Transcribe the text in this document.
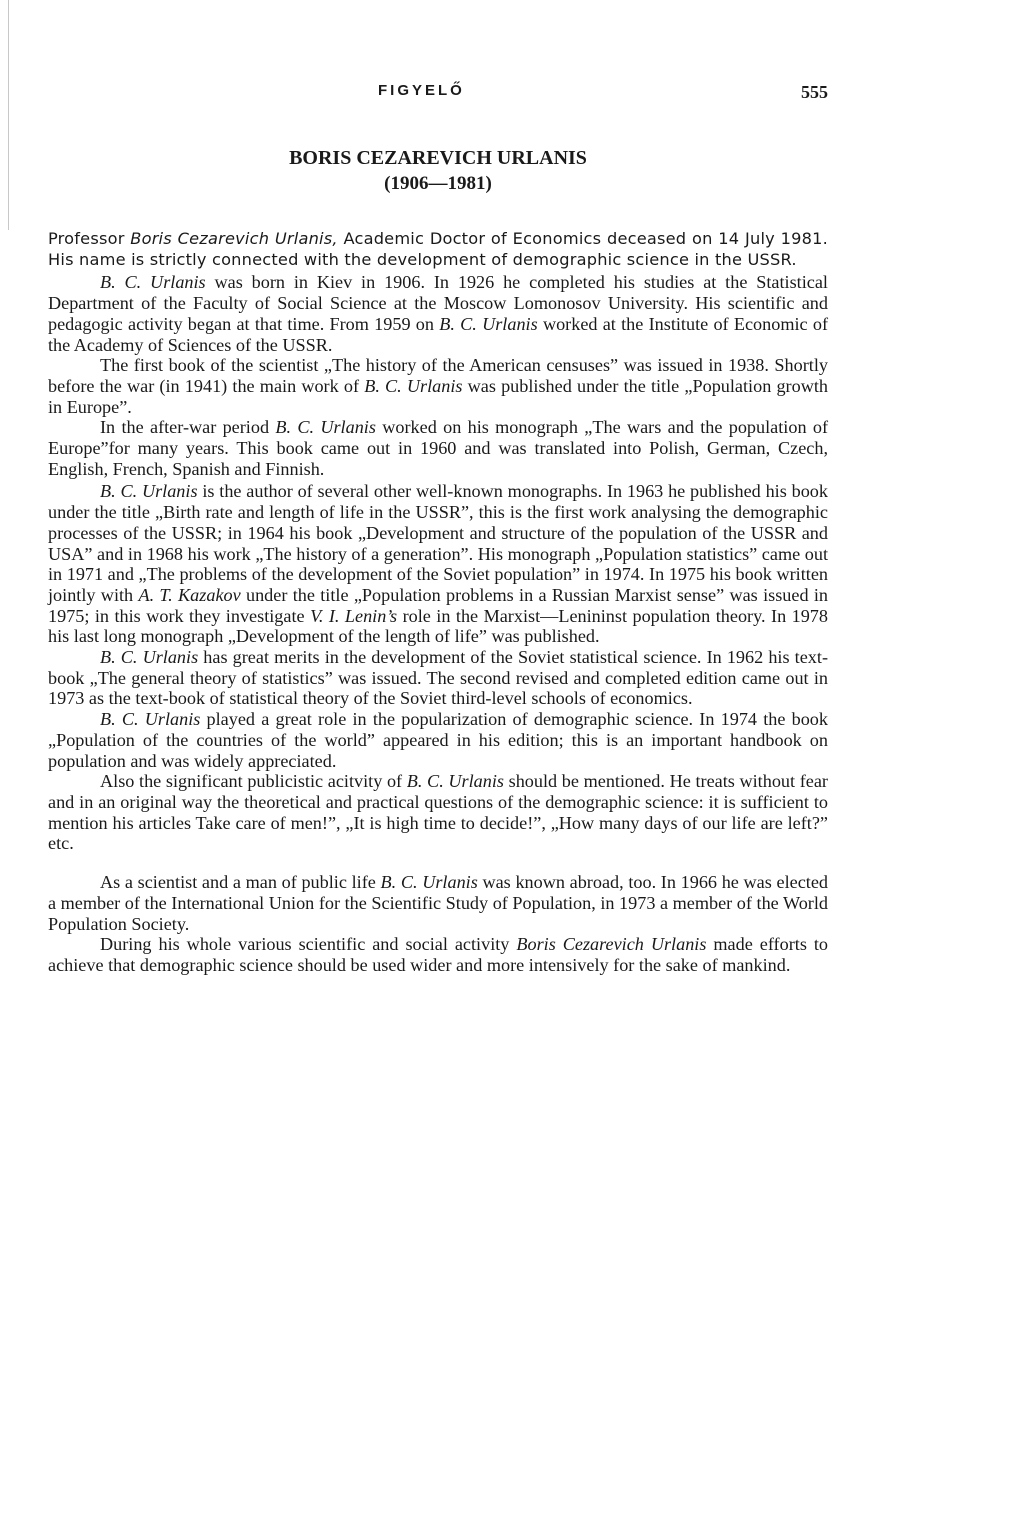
FIGYELŐ	555
BORIS CEZAREVICH URLANIS
(1906—1981)

Professor Boris Cezarevich Urlanis, Academic Doctor of Economics deceased on 14 July 1981. His name is strictly connected with the development of demographic science in the USSR.

B. C. Urlanis was born in Kiev in 1906. In 1926 he completed his studies at the Statistical Department of the Faculty of Social Science at the Moscow Lomonosov University. His scientific and pedagogic activity began at that time. From 1959 on B. C. Urlanis worked at the Institute of Economic of the Academy of Sciences of the USSR.

The first book of the scientist „The history of the American censuses” was issued in 1938. Shortly before the war (in 1941) the main work of B. C. Urlanis was published under the title „Population growth in Europe”.

In the after-war period B. C. Urlanis worked on his monograph „The wars and the population of Europe”for many years. This book came out in 1960 and was translated into Polish, German, Czech, English, French, Spanish and Finnish.

B. C. Urlanis is the author of several other well-known monographs. In 1963 he published his book under the title „Birth rate and length of life in the USSR”, this is the first work analysing the demographic processes of the USSR; in 1964 his book „Development and structure of the population of the USSR and USA” and in 1968 his work „The history of a generation”. His monograph „Population statistics” came out in 1971 and „The problems of the development of the Soviet population” in 1974. In 1975 his book written jointly with A. T. Kazakov under the title „Population problems in a Russian Marxist sense” was issued in 1975; in this work they investigate V. I. Lenin’s role in the Marxist—Lenininst population theory. In 1978 his last long monograph „Development of the length of life” was published.

B. C. Urlanis has great merits in the development of the Soviet statistical science. In 1962 his text-book „The general theory of statistics” was issued. The second revised and completed edition came out in 1973 as the text-book of statistical theory of the Soviet third-level schools of economics.

B. C. Urlanis played a great role in the popularization of demographic science. In 1974 the book „Population of the countries of the world” appeared in his edition; this is an important handbook on population and was widely appreciated.

Also the significant publicistic acitvity of B. C. Urlanis should be mentioned. He treats without fear and in an original way the theoretical and practical questions of the demographic science: it is sufficient to mention his articles Take care of men!”, „It is high time to decide!”, „How many days of our life are left?” etc.

As a scientist and a man of public life B. C. Urlanis was known abroad, too. In 1966 he was elected a member of the International Union for the Scientific Study of Population, in 1973 a member of the World Population Society.

During his whole various scientific and social activity Boris Cezarevich Urlanis made efforts to achieve that demographic science should be used wider and more intensively for the sake of mankind.
